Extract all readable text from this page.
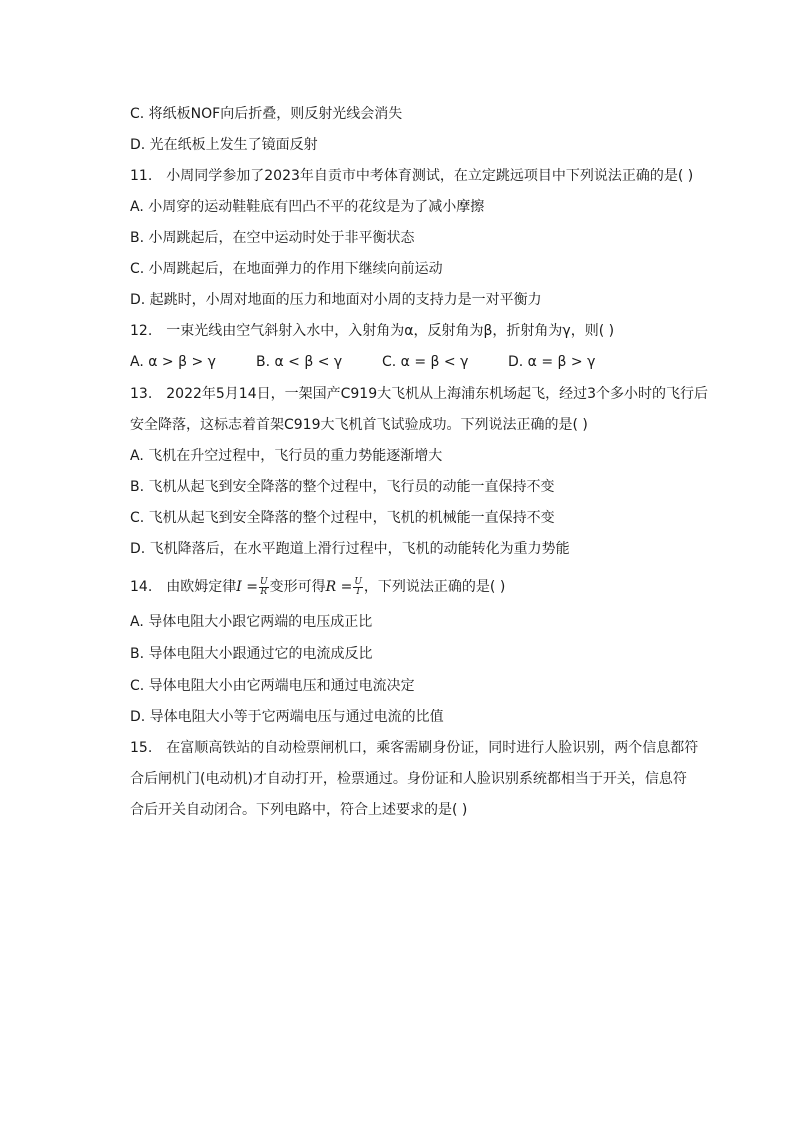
C. 将纸板NOF向后折叠，则反射光线会消失
D. 光在纸板上发生了镜面反射
11. 小周同学参加了2023年自贡市中考体育测试，在立定跳远项目中下列说法正确的是( )
A. 小周穿的运动鞋鞋底有凹凸不平的花纹是为了减小摩擦
B. 小周跳起后，在空中运动时处于非平衡状态
C. 小周跳起后，在地面弹力的作用下继续向前运动
D. 起跳时，小周对地面的压力和地面对小周的支持力是一对平衡力
12. 一束光线由空气斜射入水中，入射角为α，反射角为β，折射角为γ，则( )
A. α > β > γ	B. α < β < γ	C. α = β < γ	D. α = β > γ
13. 2022年5月14日，一架国产C919大飞机从上海浦东机场起飞，经过3个多小时的飞行后
安全降落，这标志着首架C919大飞机首飞试验成功。下列说法正确的是( )
A. 飞机在升空过程中，飞行员的重力势能逐渐增大
B. 飞机从起飞到安全降落的整个过程中，飞行员的动能一直保持不变
C. 飞机从起飞到安全降落的整个过程中，飞机的机械能一直保持不变
D. 飞机降落后，在水平跑道上滑行过程中，飞机的动能转化为重力势能
14. 由欧姆定律$I = \frac{U}{R}$ 变形可得$R = \frac{U}{I}$ ，下列说法正确的是( )
A. 导体电阻大小跟它两端的电压成正比
B. 导体电阻大小跟通过它的电流成反比
C. 导体电阻大小由它两端电压和通过电流决定
D. 导体电阻大小等于它两端电压与通过电流的比值
15. 在富顺高铁站的自动检票闸机口，乘客需刷身份证，同时进行人脸识别，两个信息都符
合后闸机门(电动机)才自动打开，检票通过。身份证和人脸识别系统都相当于开关，信息符
合后开关自动闭合。下列电路中，符合上述要求的是( )
